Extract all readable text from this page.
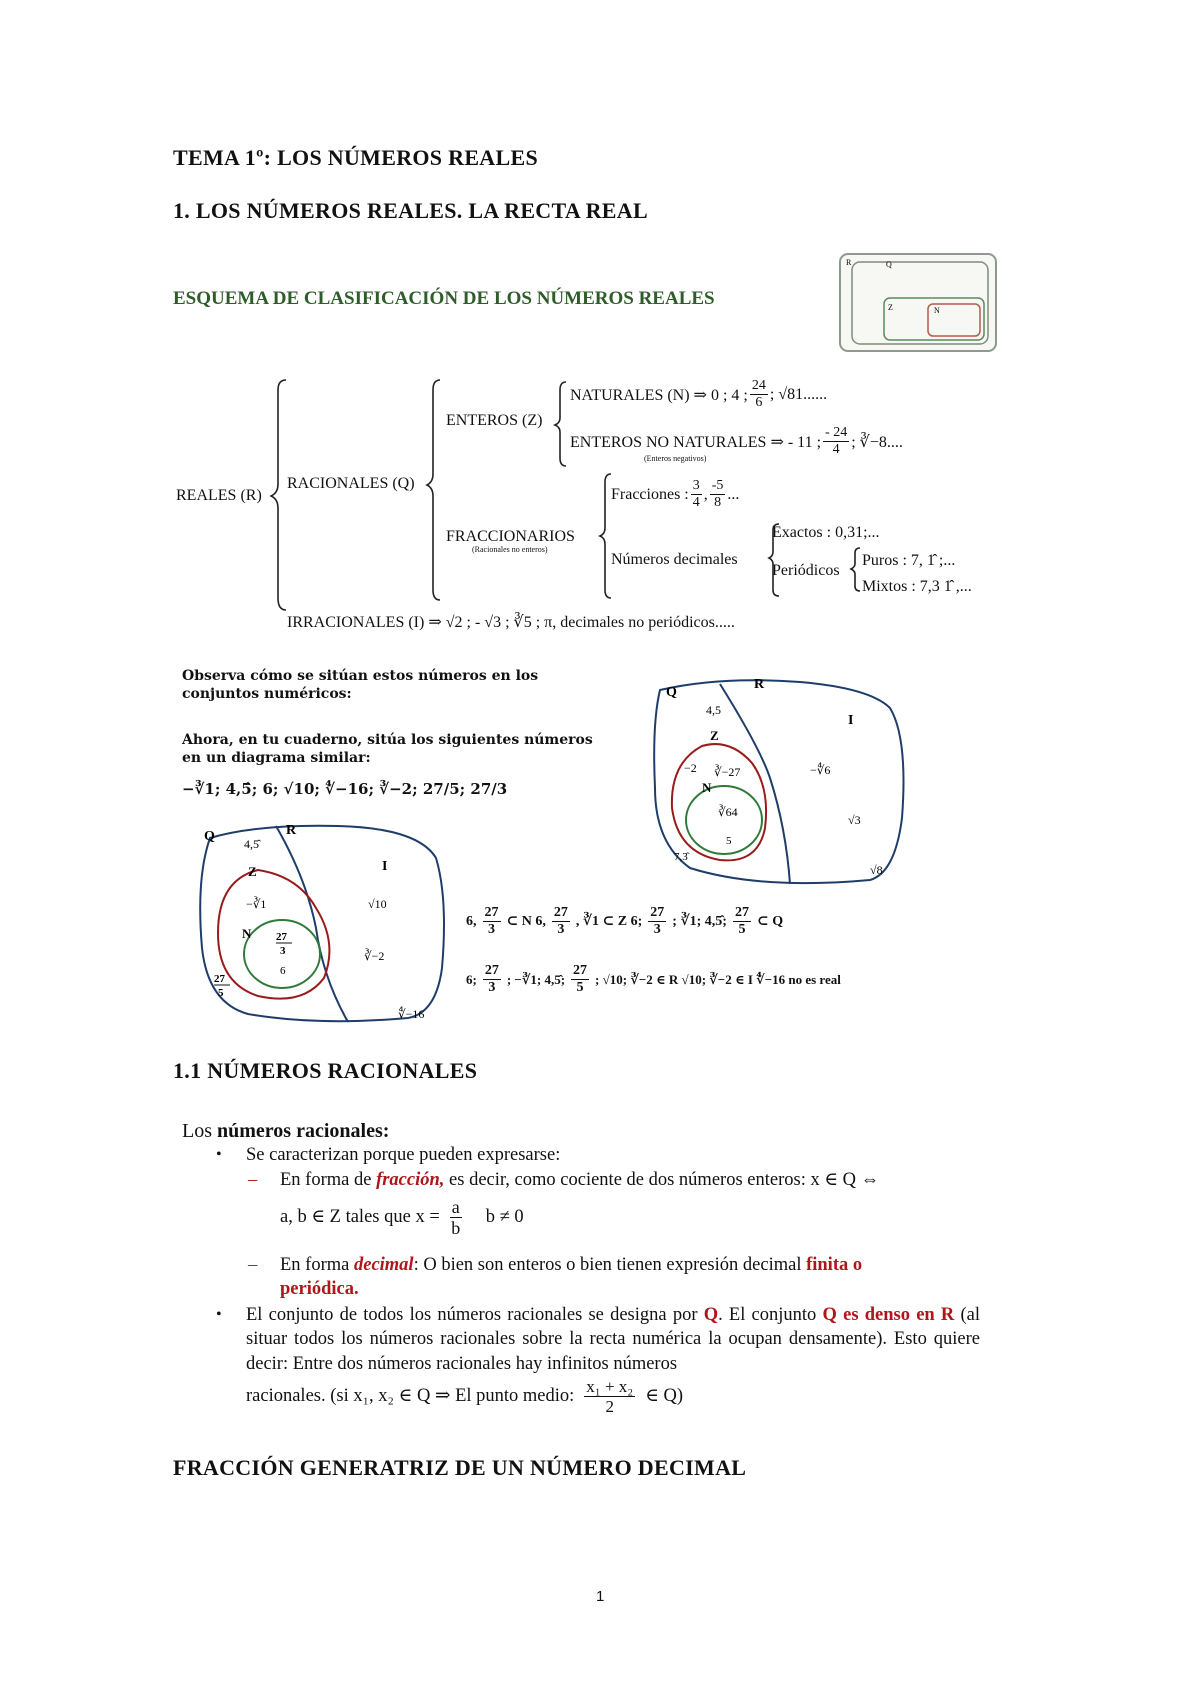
TEMA 1º: LOS NÚMEROS REALES
1. LOS NÚMEROS REALES. LA RECTA REAL
ESQUEMA DE CLASIFICACIÓN DE LOS NÚMEROS REALES
R	Q
Z	N
REALES (R)
RACIONALES (Q)
ENTEROS (Z)
NATURALES (N) ⇒ 0 ; 4 ; $\frac{24}{6}$ ; √81......
ENTEROS NO NATURALES ⇒ - 11 ; $\frac{- 24}{4}$ ; ∛−8....
(Enteros negativos)
FRACCIONARIOS
(Racionales no enteros)
Fracciones : $\frac{3}{4}$ , $\frac{-5}{8}$ ...
Números decimales
Exactos : 0,31;...
Periódicos
Puros : 7, 1̂ ;...
Mixtos : 7,3 1̂ ,...
IRRACIONALES (I) ⇒ √2 ; - √3 ; ∛5 ; π, decimales no periódicos.....
Observa cómo se sitúan estos números en los conjuntos numéricos:
Ahora, en tu cuaderno, sitúa los siguientes números en un diagrama similar:
−∛1; 4,5̂; 6; √10; ∜−16; ∛−2; 27/5; 27/3
Q
R
I
Z
N
4,5
−2 ∛−27	−∜6
∛64
5
7,3̂
√3
√8
Q	R
I
Z
N
4,5̂
−∛1	√10
∛−2
6
27
3
27
5
∜−16
6, $\frac{27}{3}$ ⊂ N 6, $\frac{27}{3}$ , ∛1 ⊂ Z 6; $\frac{27}{3}$ ; ∛1; 4,5̂; $\frac{27}{5}$ ⊂ Q
6; $\frac{27}{3}$ ; −∛1; 4,5̂; $\frac{27}{5}$ ; √10; ∛−2 ∈ R √10; ∛−2 ∈ I ∜−16 no es real
1.1 NÚMEROS RACIONALES
Los números racionales:
• Se caracterizan porque pueden expresarse:
– En forma de fracción, es decir, como cociente de dos números enteros: x ∈ Q ⇔
a, b ∈ Z tales que $x = \frac{a}{b}$ b ≠ 0
– En forma decimal: O bien son enteros o bien tienen expresión decimal finita o
periódica.
• El conjunto de todos los números racionales se designa por Q. El conjunto Q es denso en R (al situar todos los números racionales sobre la recta numérica la ocupan densamente). Esto quiere decir: Entre dos números racionales hay infinitos números
racionales. (si x₁, x₂ ∈ Q ⇒ El punto medio: $\frac{\text{x₁ + x₂}}{2}$ ∈ Q)
FRACCIÓN GENERATRIZ DE UN NÚMERO DECIMAL
1
